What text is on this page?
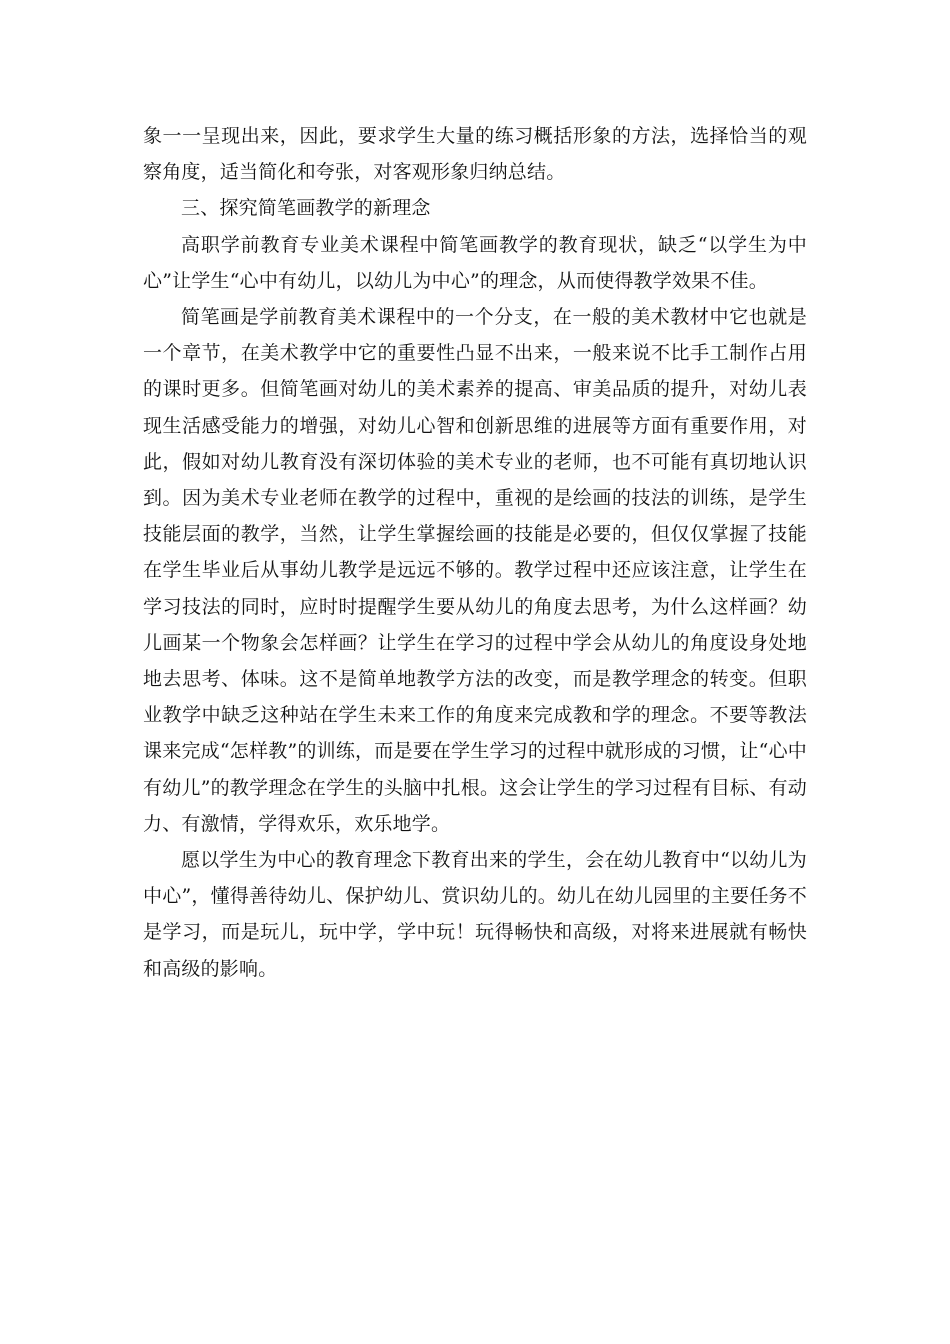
象一一呈现出来，因此，要求学生大量的练习概括形象的方法，选择恰当的观察角度，适当简化和夸张，对客观形象归纳总结。

三、探究简笔画教学的新理念

高职学前教育专业美术课程中简笔画教学的教育现状，缺乏“以学生为中心”让学生“心中有幼儿，以幼儿为中心”的理念，从而使得教学效果不佳。

简笔画是学前教育美术课程中的一个分支，在一般的美术教材中它也就是一个章节，在美术教学中它的重要性凸显不出来，一般来说不比手工制作占用的课时更多。但简笔画对幼儿的美术素养的提高、审美品质的提升，对幼儿表现生活感受能力的增强，对幼儿心智和创新思维的进展等方面有重要作用，对此，假如对幼儿教育没有深切体验的美术专业的老师，也不可能有真切地认识到。因为美术专业老师在教学的过程中，重视的是绘画的技法的训练，是学生技能层面的教学，当然，让学生掌握绘画的技能是必要的，但仅仅掌握了技能在学生毕业后从事幼儿教学是远远不够的。教学过程中还应该注意，让学生在学习技法的同时，应时时提醒学生要从幼儿的角度去思考，为什么这样画？幼儿画某一个物象会怎样画？让学生在学习的过程中学会从幼儿的角度设身处地地去思考、体味。这不是简单地教学方法的改变，而是教学理念的转变。但职业教学中缺乏这种站在学生未来工作的角度来完成教和学的理念。不要等教法课来完成“怎样教”的训练，而是要在学生学习的过程中就形成的习惯，让“心中有幼儿”的教学理念在学生的头脑中扎根。这会让学生的学习过程有目标、有动力、有激情，学得欢乐，欢乐地学。

愿以学生为中心的教育理念下教育出来的学生，会在幼儿教育中“以幼儿为中心”，懂得善待幼儿、保护幼儿、赏识幼儿的。幼儿在幼儿园里的主要任务不是学习，而是玩儿，玩中学，学中玩！玩得畅快和高级，对将来进展就有畅快和高级的影响。
